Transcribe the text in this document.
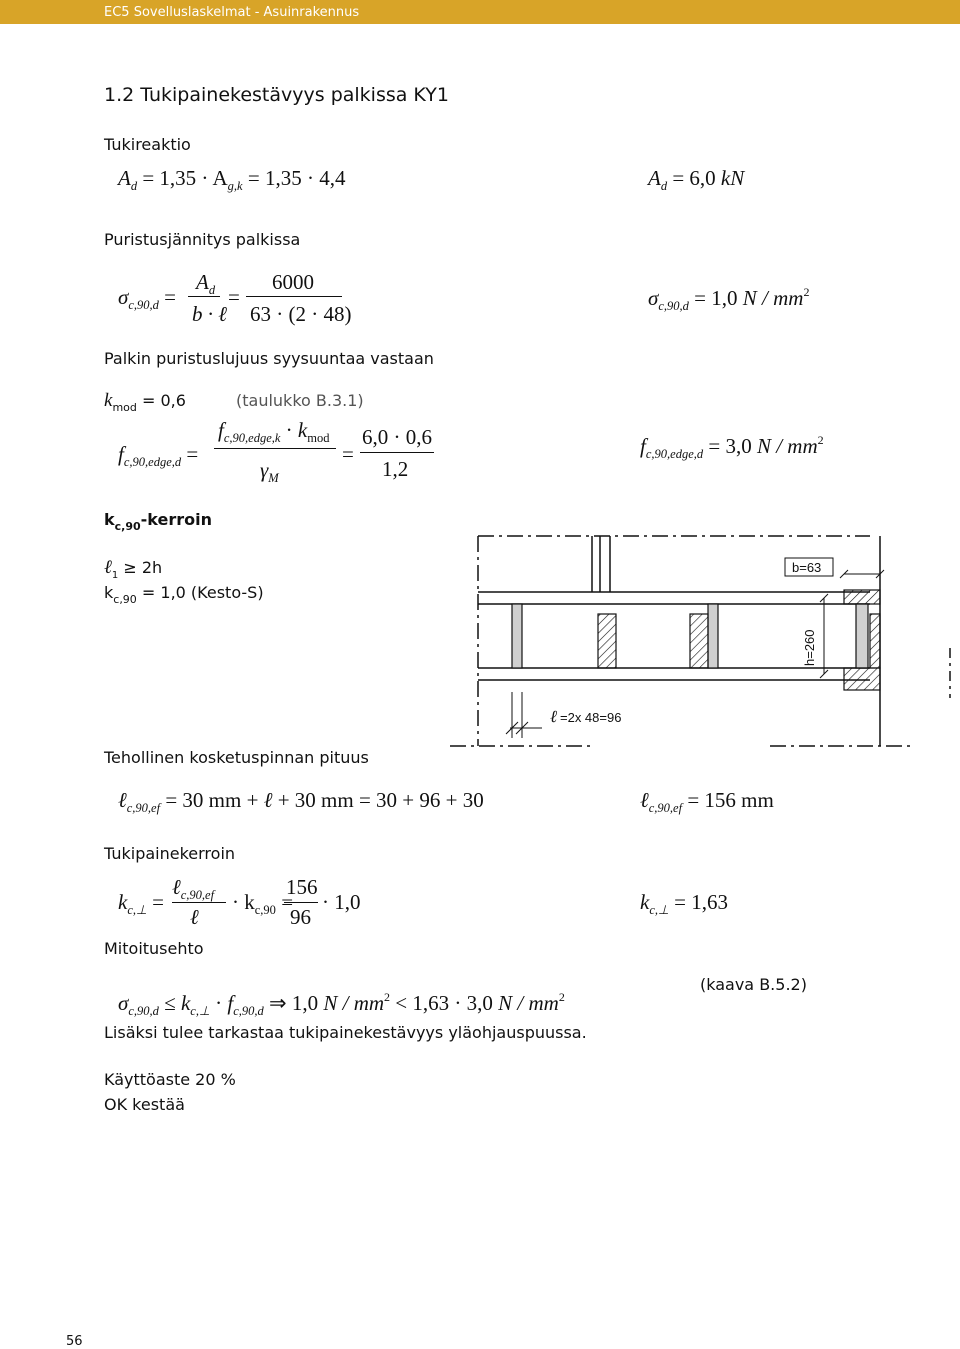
EC5 Sovelluslaskelmat - Asuinrakennus
1.2 Tukipainekestävyys palkissa KY1
Tukireaktio
$A_d = 1,35 \cdot A_{g,k} = 1,35 \cdot 4,4$	$A_d = 6,0$ kN
Puristusjännitys palkissa
$\sigma_{c,90,d}$ =
$A_d$
b · ℓ
=
6000
63 · (2 · 48)
$\sigma_{c,90,d} = 1,0$ N / $mm^2$
Palkin puristuslujuus syysuuntaa vastaan
$k_{mod} = 0,6$	(taulukko B.3.1)
$f_{c,90,edge,d}$ =
$f_{c,90,edge,k} \cdot k_{mod}$
$\gamma_M$
=
6,0 · 0,6
1,2
$f_{c,90,edge,d} = 3,0$ N / $mm^2$
$k_{c,90}$-kerroin
ℓ$_1$ ≥ 2h
$k_{c,90} = 1,0$ (Kesto-S)
b=63
h=260
ℓ =2x 48=96
Tehollinen kosketuspinnan pituus
ℓ$_{c,90,ef}$ = 30 mm + ℓ + 30 mm = 30 + 96 + 30	ℓ$_{c,90,ef}$ = 156 mm
Tukipainekerroin
$k_{c,\perp}$ =
ℓ$_{c,90,ef}$
ℓ
· $k_{c,90}$ =
156
96
· 1,0	$k_{c,\perp} = 1,63$
Mitoitusehto
(kaava B.5.2)
$\sigma_{c,90,d} \le k_{c,\perp} \cdot f_{c,90,d}$ ⇒ 1,0 $N / mm^2 < 1,63 \cdot 3,0$ N / $mm^2$
Lisäksi tulee tarkastaa tukipainekestävyys yläohjauspuussa.
Käyttöaste 20 %
OK kestää
56
